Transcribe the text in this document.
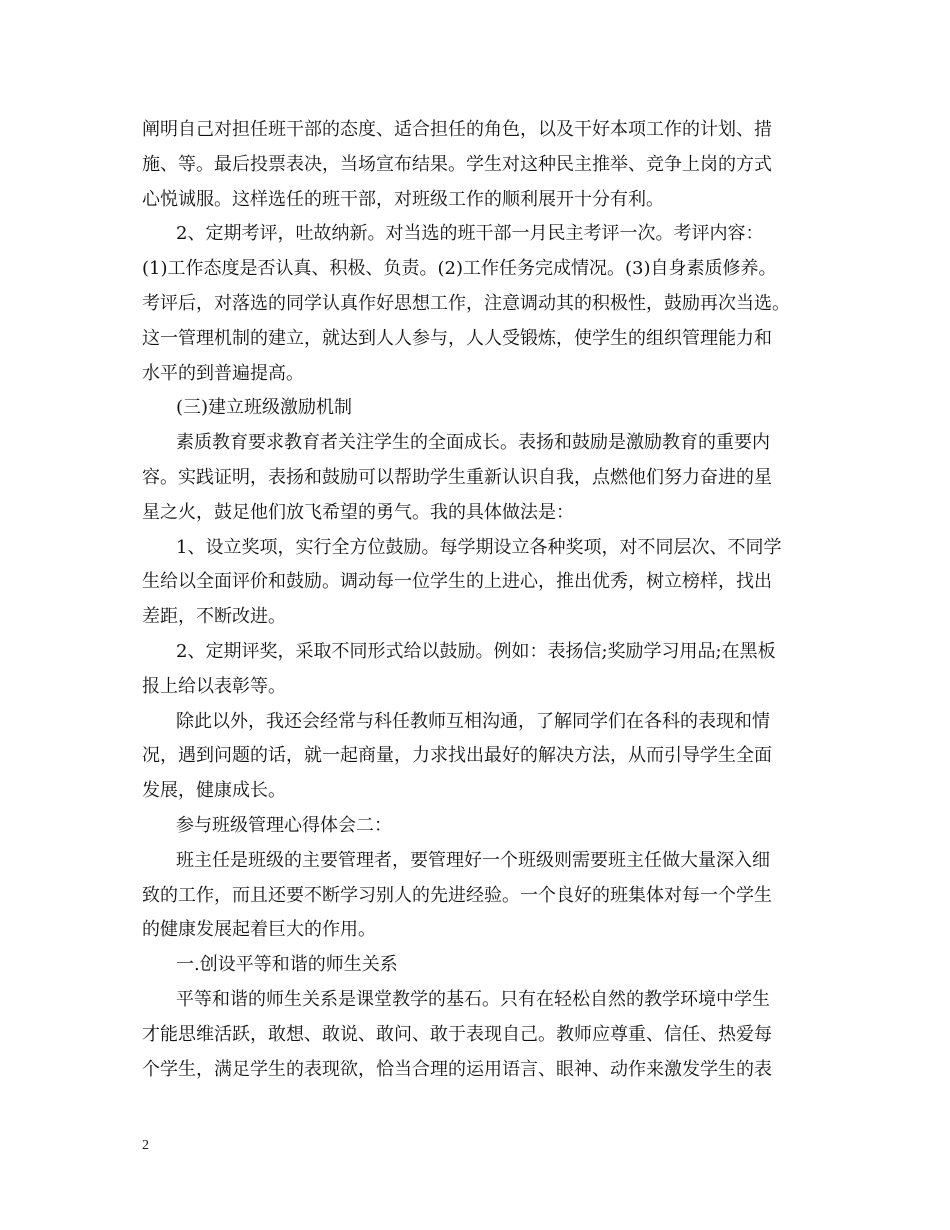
阐明自己对担任班干部的态度、适合担任的角色，以及干好本项工作的计划、措
施、等。最后投票表决，当场宣布结果。学生对这种民主推举、竞争上岗的方式
心悦诚服。这样选任的班干部，对班级工作的顺利展开十分有利。
2、定期考评，吐故纳新。对当选的班干部一月民主考评一次。考评内容：
(1)工作态度是否认真、积极、负责。(2)工作任务完成情况。(3)自身素质修养。
考评后，对落选的同学认真作好思想工作，注意调动其的积极性，鼓励再次当选。
这一管理机制的建立，就达到人人参与，人人受锻炼，使学生的组织管理能力和
水平的到普遍提高。
(三)建立班级激励机制
素质教育要求教育者关注学生的全面成长。表扬和鼓励是激励教育的重要内
容。实践证明，表扬和鼓励可以帮助学生重新认识自我，点燃他们努力奋进的星
星之火，鼓足他们放飞希望的勇气。我的具体做法是：
1、设立奖项，实行全方位鼓励。每学期设立各种奖项，对不同层次、不同学
生给以全面评价和鼓励。调动每一位学生的上进心，推出优秀，树立榜样，找出
差距，不断改进。
2、定期评奖，采取不同形式给以鼓励。例如：表扬信;奖励学习用品;在黑板
报上给以表彰等。
除此以外，我还会经常与科任教师互相沟通，了解同学们在各科的表现和情
况，遇到问题的话，就一起商量，力求找出最好的解决方法，从而引导学生全面
发展，健康成长。
参与班级管理心得体会二：
班主任是班级的主要管理者，要管理好一个班级则需要班主任做大量深入细
致的工作，而且还要不断学习别人的先进经验。一个良好的班集体对每一个学生
的健康发展起着巨大的作用。
一.创设平等和谐的师生关系
平等和谐的师生关系是课堂教学的基石。只有在轻松自然的教学环境中学生
才能思维活跃，敢想、敢说、敢问、敢于表现自己。教师应尊重、信任、热爱每
个学生，满足学生的表现欲，恰当合理的运用语言、眼神、动作来激发学生的表
2
